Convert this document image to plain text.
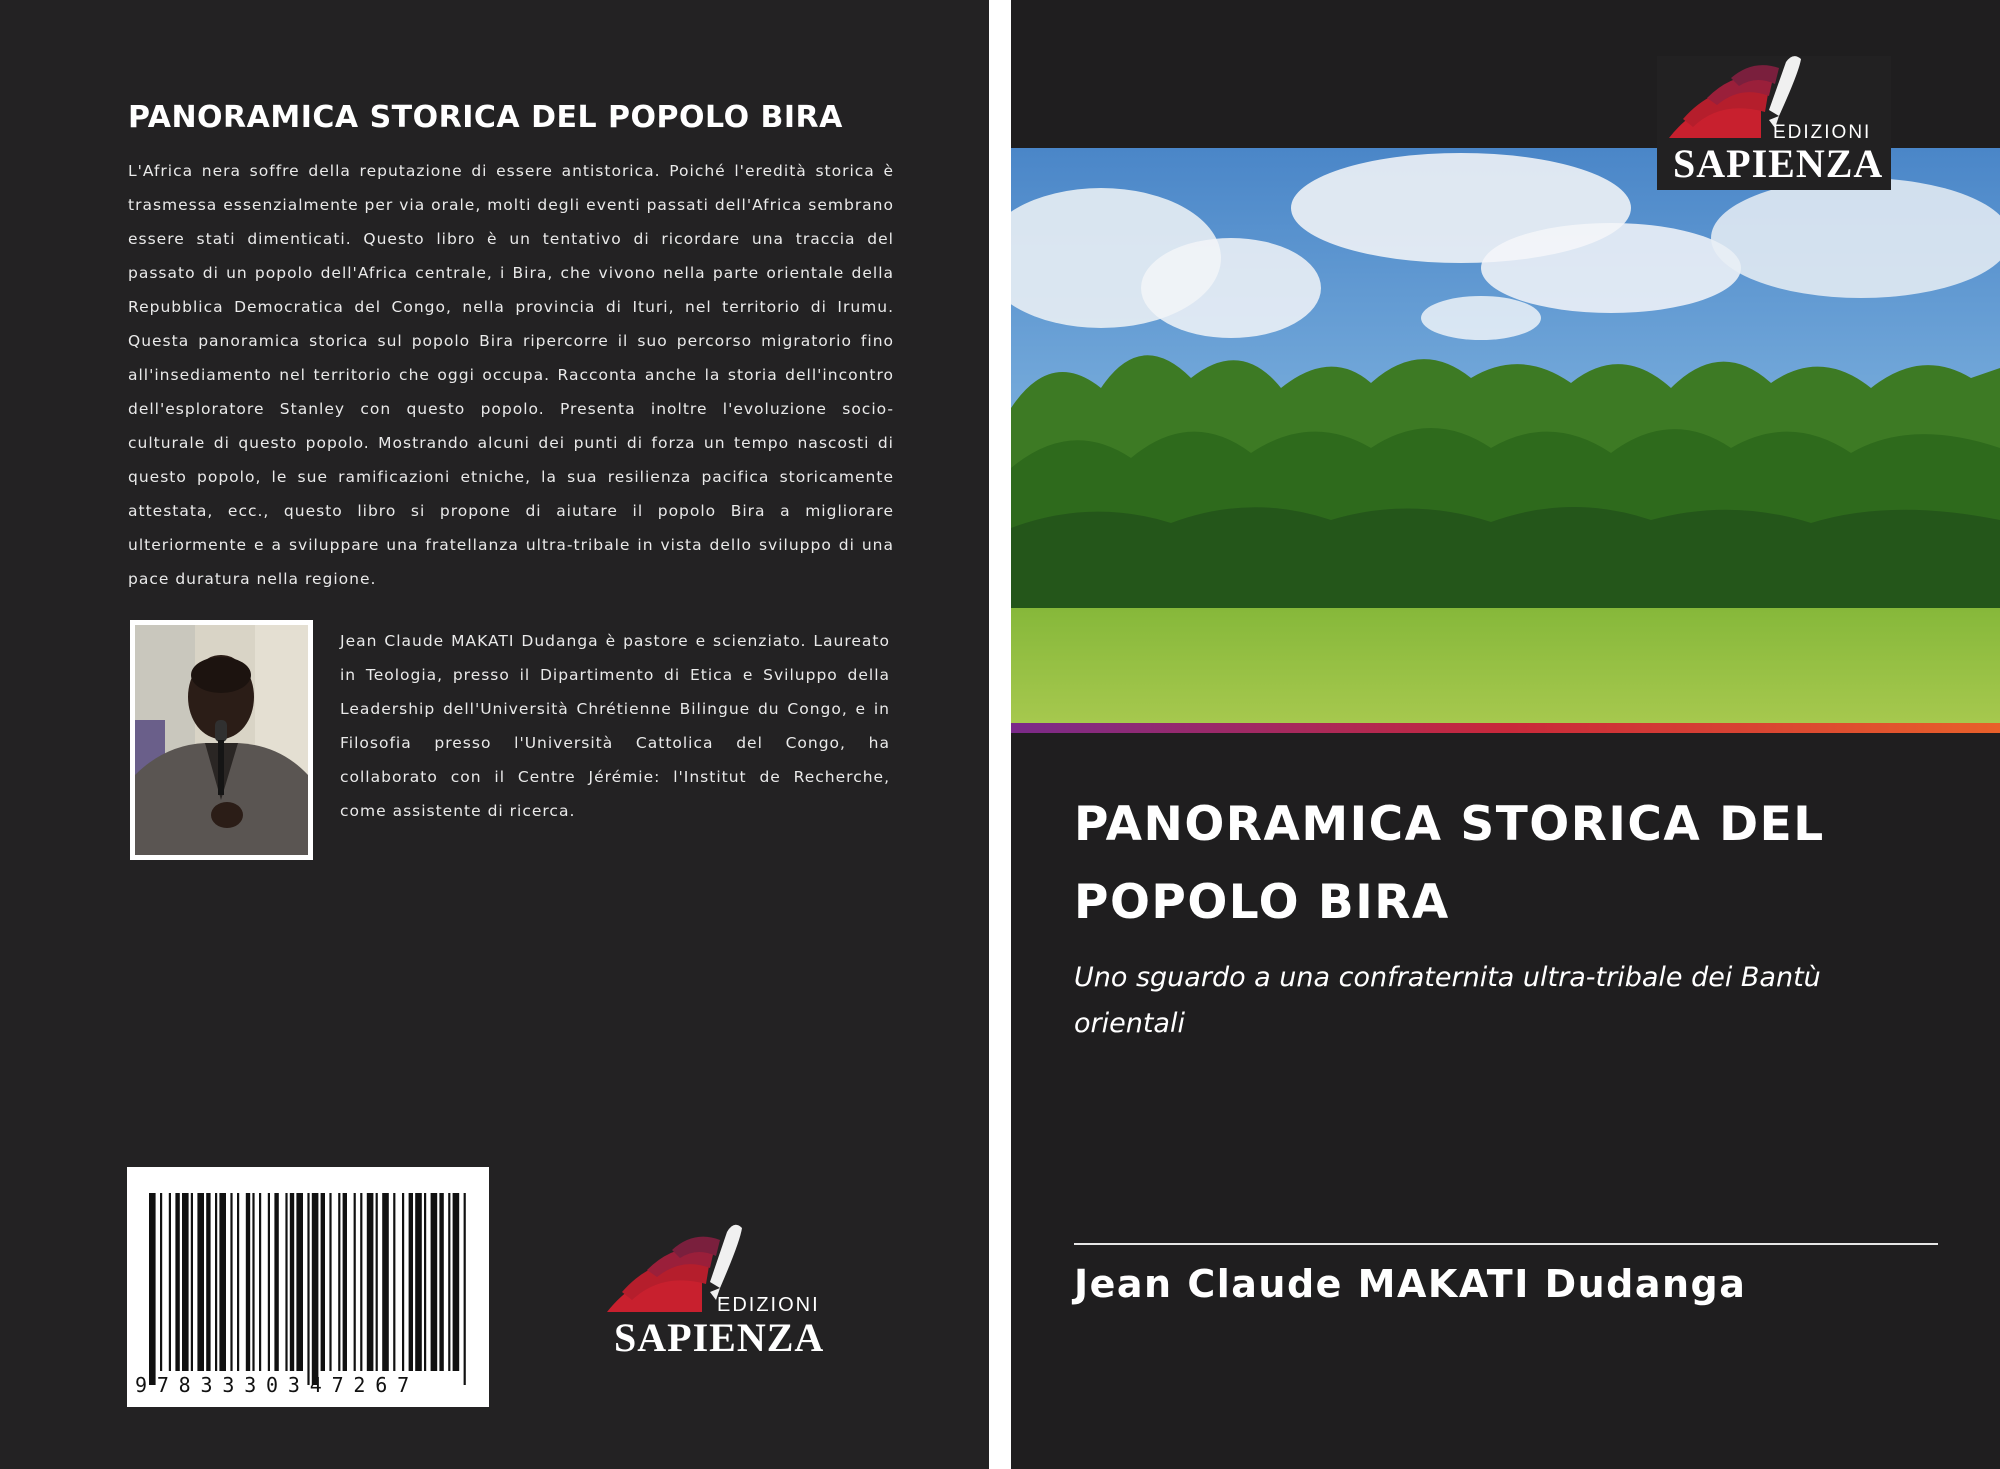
PANORAMICA STORICA DEL POPOLO BIRA

L'Africa nera soffre della reputazione di essere antistorica. Poiché l'eredità storica è trasmessa essenzialmente per via orale, molti degli eventi passati dell'Africa sembrano essere stati dimenticati. Questo libro è un tentativo di ricordare una traccia del passato di un popolo dell'Africa centrale, i Bira, che vivono nella parte orientale della Repubblica Democratica del Congo, nella provincia di Ituri, nel territorio di Irumu. Questa panoramica storica sul popolo Bira ripercorre il suo percorso migratorio fino all'insediamento nel territorio che oggi occupa. Racconta anche la storia dell'incontro dell'esploratore Stanley con questo popolo. Presenta inoltre l'evoluzione socio-culturale di questo popolo. Mostrando alcuni dei punti di forza un tempo nascosti di questo popolo, le sue ramificazioni etniche, la sua resilienza pacifica storicamente attestata, ecc., questo libro si propone di aiutare il popolo Bira a migliorare ulteriormente e a sviluppare una fratellanza ultra-tribale in vista dello sviluppo di una pace duratura nella regione.

Jean Claude MAKATI Dudanga è pastore e scienziato. Laureato in Teologia, presso il Dipartimento di Etica e Sviluppo della Leadership dell'Università Chrétienne Bilingue du Congo, e in Filosofia presso l'Università Cattolica del Congo, ha collaborato con il Centre Jérémie: l'Institut de Recherche, come assistente di ricerca.

9783330347267
EDIZIONI
SAPIENZA
EDIZIONI
SAPIENZA
PANORAMICA STORICA DEL POPOLO BIRA

Uno sguardo a una confraternita ultra-tribale dei Bantù orientali

Jean Claude MAKATI Dudanga
